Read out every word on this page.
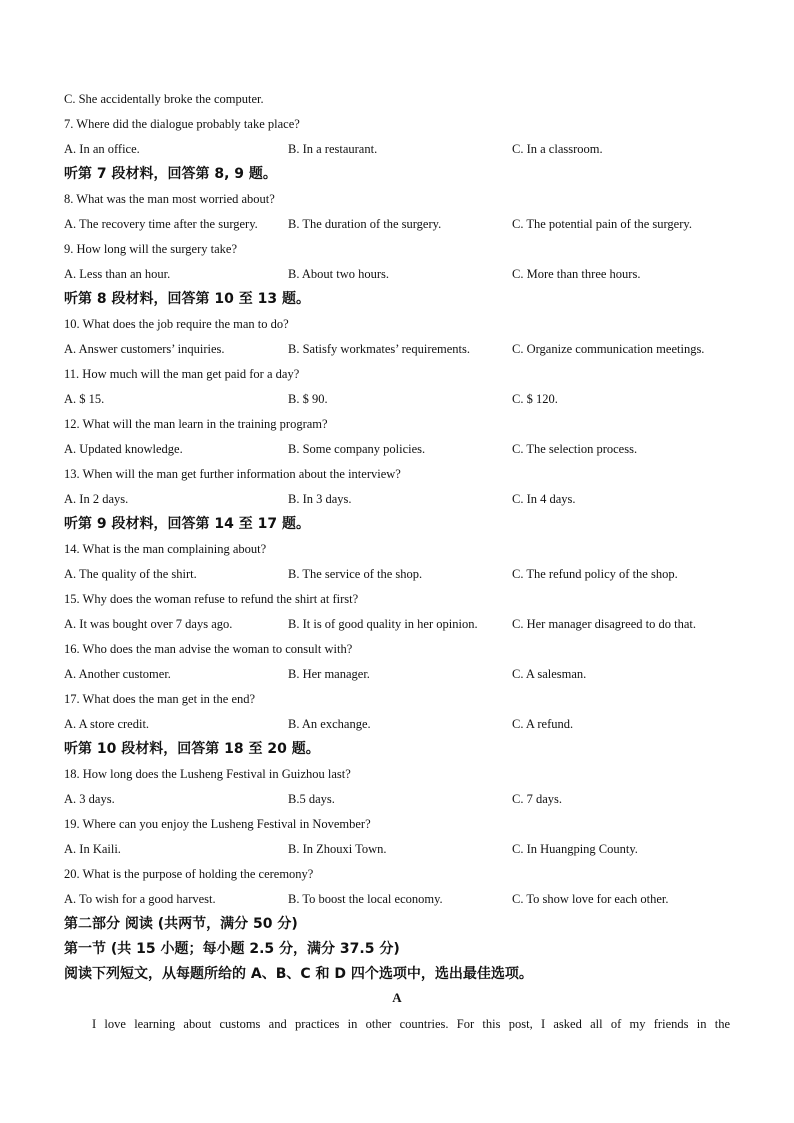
C. She accidentally broke the computer.
7. Where did the dialogue probably take place?
A. In an office.	B. In a restaurant.	C. In a classroom.
听第 7 段材料，回答第 8, 9 题。
8. What was the man most worried about?
A. The recovery time after the surgery. B. The duration of the surgery.	C. The potential pain of the surgery.
9. How long will the surgery take?
A. Less than an hour.	B. About two hours.	C. More than three hours.
听第 8 段材料，回答第 10 至 13 题。
10. What does the job require the man to do?
A. Answer customers’ inquiries.	B. Satisfy workmates’ requirements.	C. Organize communication meetings.
11. How much will the man get paid for a day?
A. $ 15.	B. $ 90.	C. $ 120.
12. What will the man learn in the training program?
A. Updated knowledge.	B. Some company policies.	C. The selection process.
13. When will the man get further information about the interview?
A. In 2 days.	B. In 3 days.	C. In 4 days.
听第 9 段材料，回答第 14 至 17 题。
14. What is the man complaining about?
A. The quality of the shirt.	B. The service of the shop.	C. The refund policy of the shop.
15. Why does the woman refuse to refund the shirt at first?
A. It was bought over 7 days ago.	B. It is of good quality in her opinion.	C. Her manager disagreed to do that.
16. Who does the man advise the woman to consult with?
A. Another customer.	B. Her manager.	C. A salesman.
17. What does the man get in the end?
A. A store credit.	B. An exchange.	C. A refund.
听第 10 段材料，回答第 18 至 20 题。
18. How long does the Lusheng Festival in Guizhou last?
A. 3 days.	B.5 days.	C. 7 days.
19. Where can you enjoy the Lusheng Festival in November?
A. In Kaili.	B. In Zhouxi Town.	C. In Huangping County.
20. What is the purpose of holding the ceremony?
A. To wish for a good harvest.	B. To boost the local economy.	C. To show love for each other.
第二部分 阅读 (共两节，满分 50 分)
第一节 (共 15 小题；每小题 2.5 分，满分 37.5 分)
阅读下列短文，从每题所给的 A、B、C 和 D 四个选项中，选出最佳选项。
A
I love learning about customs and practices in other countries. For this post, I asked all of my friends in the
